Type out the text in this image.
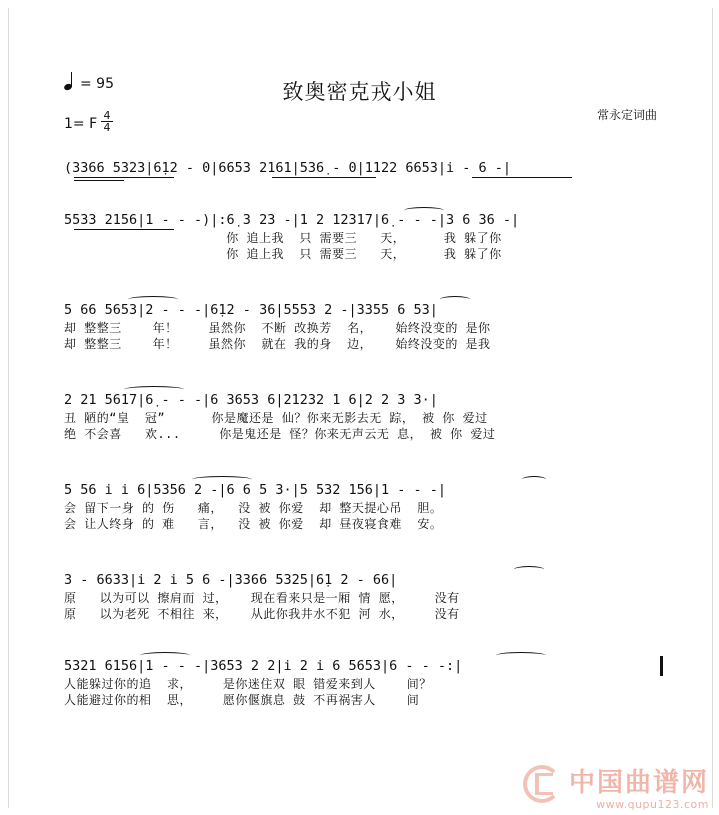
= 95	致奥密克戎小姐
1= F
4
4
常永定词曲
(3366 5323|6̣12 - 0|6653 2161|536̣ - 0|1122 6653|i - 6 -|
5533 2156|1 - - -)|:6̣ 3 23 -|1 2 12317|6̣ - - -|3 6 36 -|
你 追上我  只 需要三   天，     我 躲了你
你 追上我  只 需要三   天，     我 躲了你
5 66 5653|2 - - -|6̣12 - 36|5553 2 -|3355 6 53|
却 整整三    年！    虽然你  不断 改换芳  名，   始终没变的 是你
却 整整三    年！    虽然你  就在 我的身  边，   始终没变的 是我
2 21 5617|6̣ - - -|6 3653 6|21232 1 6̣|2 2 3 3·|
丑 陋的“皇  冠”      你是魔还是 仙？你来无影去无 踪， 被 你 爱过
绝 不会喜   欢...     你是鬼还是 怪？你来无声云无 息， 被 你 爱过
5 56 i i 6|5356 2 -|6 6 5 3·|5 532 156|1 - - -|
会 留下一身 的 伤   痛，  没 被 你爱  却 整天提心吊  胆。
会 让人终身 的 难   言，  没 被 你爱  却 昼夜寝食难  安。
3 - 6633|i 2 i 5 6 -|3366 5325|6̣1 2 - 66|
原   以为可以 擦肩而 过，   现在看来只是一厢 情 愿，    没有
原   以为老死 不相往 来，   从此你我井水不犯 河 水，    没有
5321 6156|1 - - -|3653 2 2|i 2 i 6 5653|6 - - -:|
人能躲过你的追  求，    是你迷住双 眼 错爱来到人    间？
人能避过你的相  思，    愿你偃旗息 鼓 不再祸害人    间
中国曲谱网
www.qupu123.com
